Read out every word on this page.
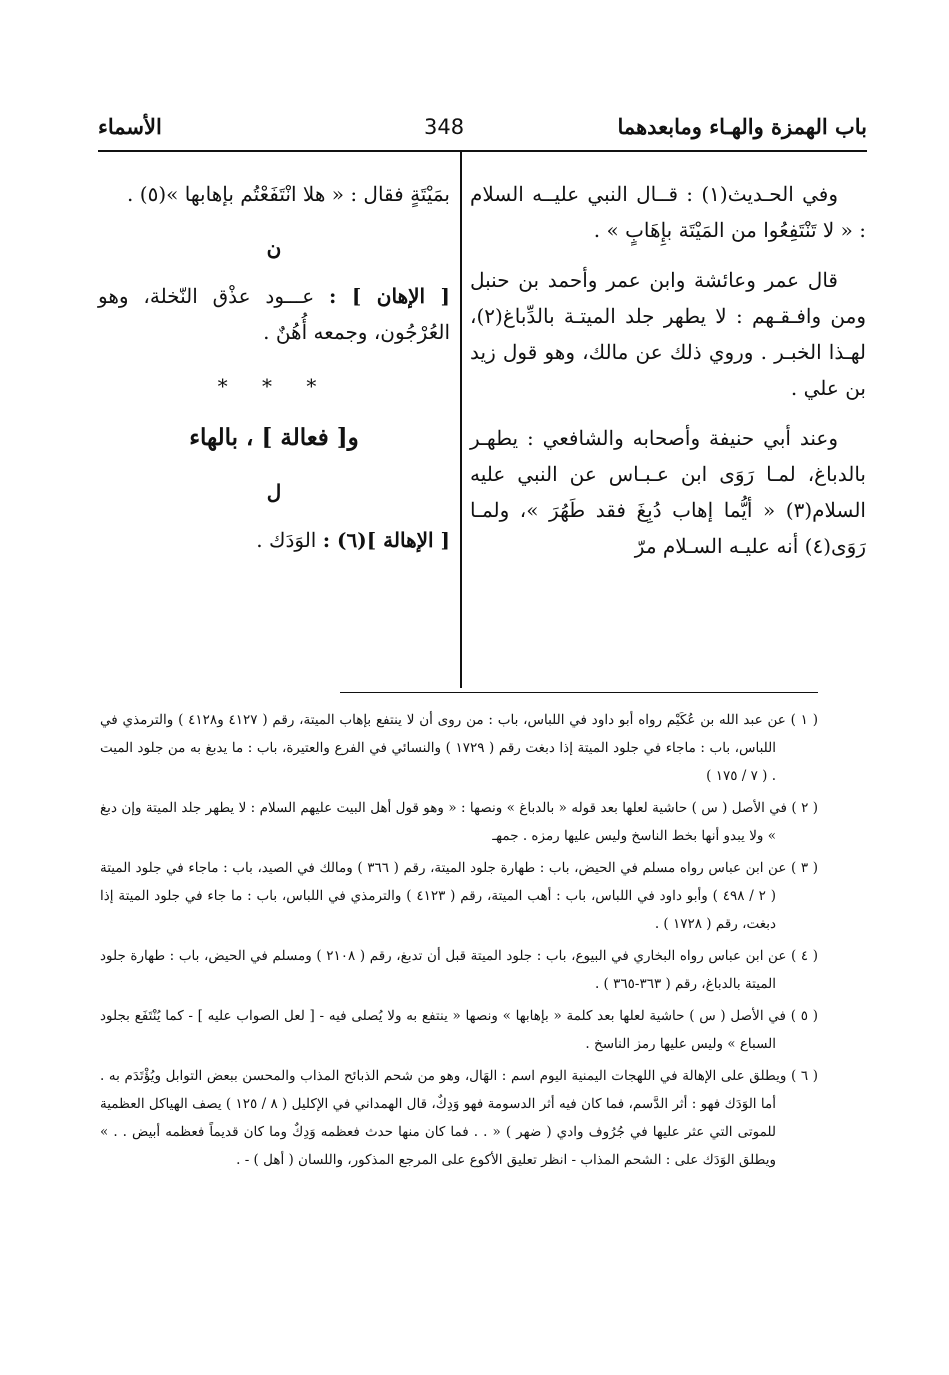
باب الهمزة والهـاء ومابعدهما
348
الأسماء

وفي الحـديث(١) : قــال النبي عليــه السلام : « لا تَنْتَفِعُوا من المَيْتَة بإِهَابٍ » .

قال عمر وعائشة وابن عمر وأحمد بن حنبل ومن وافـقـهم : لا يطهر جلد الميتـة بالدِّباغ(٢)، لهـذا الخبـر . وروي ذلك عن مالك، وهو قول زيد بن علي .

وعند أبي حنيفة وأصحابه والشافعي : يطهـر بالدباغ، لمـا رَوَى ابن عـبـاس عن النبي عليه السلام(٣) « أيُّما إهاب دُبِغَ فقد طَهُرَ »، ولمـا رَوَى(٤) أنه عليـه السـلام مرّ

بمَيْتَةٍ فقال : « هلا انْتَفَعْتُم بإهابها »(٥) .

ن

[ الإهان ] : عـــود عذْق النّخلة، وهو العُرْجُون، وجمعه أُهُنٌ .

* * *

و[ فعالة ] ، بالهاء

ل

[ الإهالة ](٦) : الوَدَك .

( ١ ) عن عبد الله بن عُكَيْم رواه أبو داود في اللباس، باب : من روى أن لا ينتفع بإهاب الميتة، رقم ( ٤١٢٧ و٤١٢٨ ) والترمذي في اللباس، باب : ماجاء في جلود الميتة إذا دبغت رقم ( ١٧٢٩ ) والنسائي في الفرع والعتيرة، باب : ما يدبغ به من جلود الميت . ( ٧ / ١٧٥ )

( ٢ ) في الأصل ( س ) حاشية لعلها بعد قوله « بالدباغ » ونصها : « وهو قول أهل البيت عليهم السلام : لا يطهر جلد الميتة وإن دبغ » ولا يبدو أنها بخط الناسخ وليس عليها رمزه . جمهـ

( ٣ ) عن ابن عباس رواه مسلم في الحيض، باب : طهارة جلود الميتة، رقم ( ٣٦٦ ) ومالك في الصيد، باب : ماجاء في جلود الميتة ( ٢ / ٤٩٨ ) وأبو داود في اللباس، باب : أهب الميتة، رقم ( ٤١٢٣ ) والترمذي في اللباس، باب : ما جاء في جلود الميتة إذا دبغت، رقم ( ١٧٢٨ ) .

( ٤ ) عن ابن عباس رواه البخاري في البيوع، باب : جلود الميتة قبل أن تدبغ، رقم ( ٢١٠٨ ) ومسلم في الحيض، باب : طهارة جلود الميتة بالدباغ، رقم ( ٣٦٣-٣٦٥ ) .

( ٥ ) في الأصل ( س ) حاشية لعلها بعد كلمة « بإهابها » ونصها « ينتفع به ولا يُصلى فيه - [ لعل الصواب عليه ] - كما يُنْتَفَع بجلود السباع » وليس عليها رمز الناسخ .

( ٦ ) ويطلق على الإهالة في اللهجات اليمنية اليوم اسم : الهَال، وهو من شحم الذبائح المذاب والمحسن ببعض التوابل ويُؤْتَدَم به . أما الوَدَك فهو : أثر الدَّسم، فما كان فيه أثر الدسومة فهو وَدِكٌ، قال الهمداني في الإكليل ( ٨ / ١٢٥ ) يصف الهياكل العظمية للموتى التي عثر عليها في جُرُوف وادي ( ضهر ) « . . فما كان منها حدث فعظمه وَدِكٌ وما كان قديماً فعظمه أبيض . . » ويطلق الوَدَك على : الشحم المذاب - انظر تعليق الأكوع على المرجع المذكور، واللسان ( أهل ) - .
